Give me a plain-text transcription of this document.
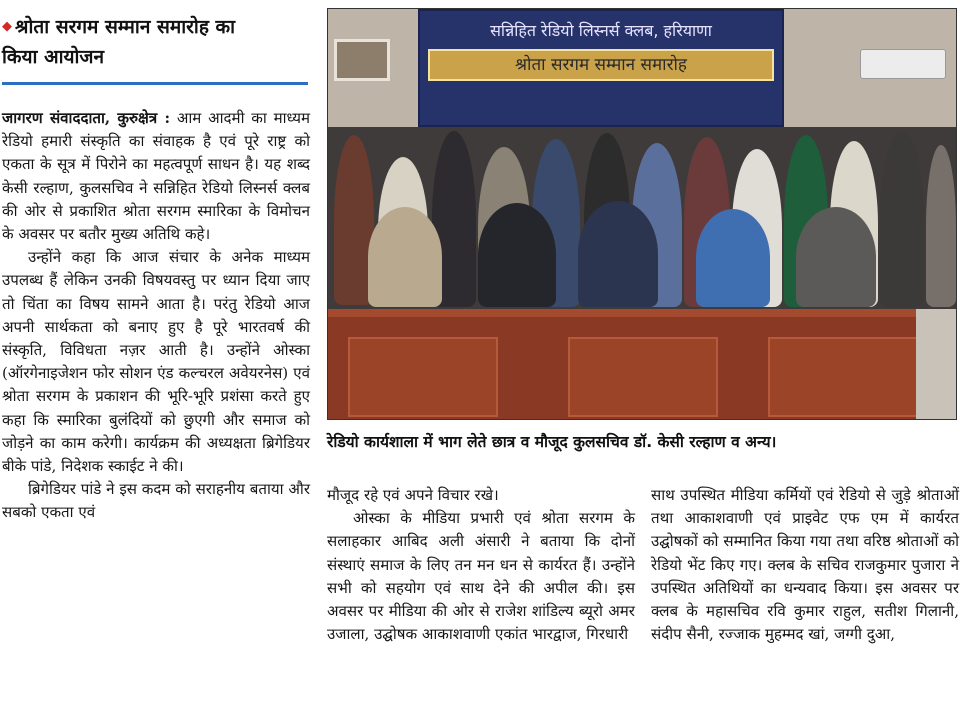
◆ श्रोता सरगम सम्मान समारोह का
किया आयोजन

जागरण संवाददाता, कुरुक्षेत्र : आम आदमी का माध्यम रेडियो हमारी संस्कृति का संवाहक है एवं पूरे राष्ट्र को एकता के सूत्र में पिरोने का महत्वपूर्ण साधन है। यह शब्द केसी रल्हाण, कुलसचिव ने सन्निहित रेडियो लिस्नर्स क्लब की ओर से प्रकाशित श्रोता सरगम स्मारिका के विमोचन के अवसर पर बतौर मुख्य अतिथि कहे।

उन्होंने कहा कि आज संचार के अनेक माध्यम उपलब्ध हैं लेकिन उनकी विषयवस्तु पर ध्यान दिया जाए तो चिंता का विषय सामने आता है। परंतु रेडियो आज अपनी सार्थकता को बनाए हुए है पूरे भारतवर्ष की संस्कृति, विविधता नज़र आती है। उन्होंने ओस्का (ऑरगेनाइजेशन फोर सोशन एंड कल्चरल अवेयरनेस) एवं श्रोता सरगम के प्रकाशन की भूरि-भूरि प्रशंसा करते हुए कहा कि स्मारिका बुलंदियों को छुएगी और समाज को जोड़ने का काम करेगी। कार्यक्रम की अध्यक्षता ब्रिगेडियर बीके पांडे, निदेशक स्काईट ने की।

ब्रिगेडियर पांडे ने इस कदम को सराहनीय बताया और सबको एकता एवं

सन्निहित रेडियो लिस्नर्स क्लब, हरियाणा
श्रोता सरगम सम्मान समारोह
रेडियो कार्यशाला में भाग लेते छात्र व मौजूद कुलसचिव डॉ. केसी रल्हाण व अन्य।

मौजूद रहे एवं अपने विचार रखे।

ओस्का के मीडिया प्रभारी एवं श्रोता सरगम के सलाहकार आबिद अली अंसारी ने बताया कि दोनों संस्थाएं समाज के लिए तन मन धन से कार्यरत हैं। उन्होंने सभी को सहयोग एवं साथ देने की अपील की। इस अवसर पर मीडिया की ओर से राजेश शांडिल्य ब्यूरो अमर उजाला, उद्घोषक आकाशवाणी एकांत भारद्वाज, गिरधारी

साथ उपस्थित मीडिया कर्मियों एवं रेडियो से जुड़े श्रोताओं तथा आकाशवाणी एवं प्राइवेट एफ एम में कार्यरत उद्घोषकों को सम्मानित किया गया तथा वरिष्ठ श्रोताओं को रेडियो भेंट किए गए। क्लब के सचिव राजकुमार पुजारा ने उपस्थित अतिथियों का धन्यवाद किया। इस अवसर पर क्लब के महासचिव रवि कुमार राहुल, सतीश गिलानी, संदीप सैनी, रज्जाक मुहम्मद खां, जग्गी दुआ,
